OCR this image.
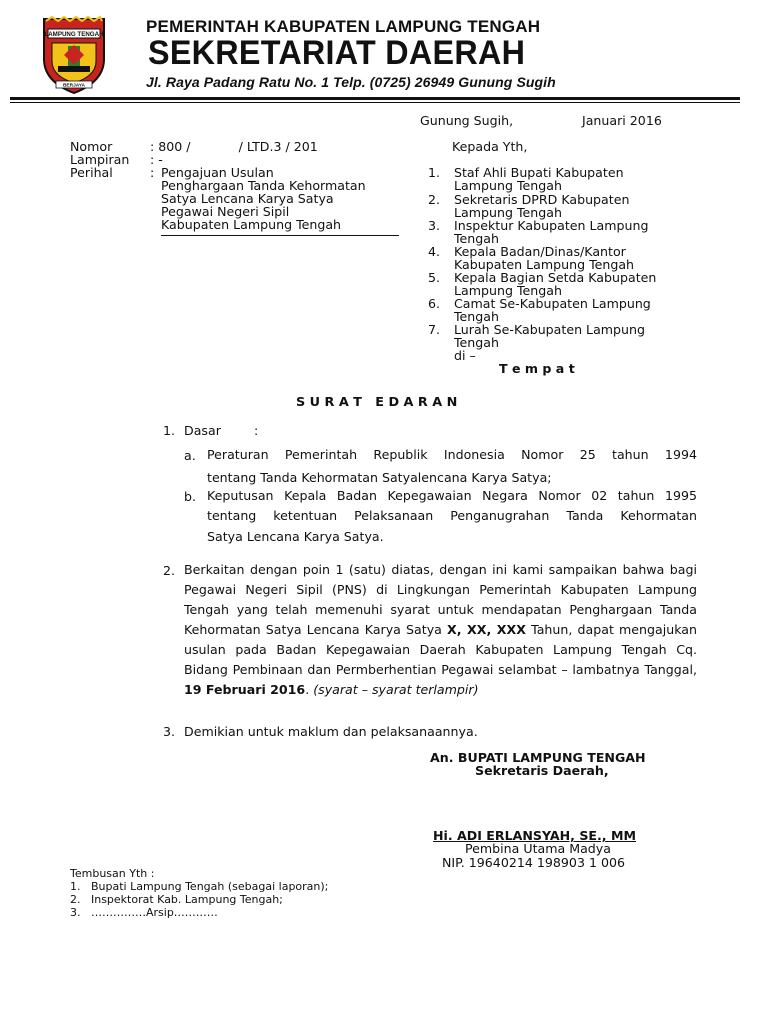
LAMPUNG TENGAH
BERJAYA
PEMERINTAH KABUPATEN LAMPUNG TENGAH
SEKRETARIAT DAERAH
Jl. Raya Padang Ratu No. 1 Telp. (0725) 26949 Gunung Sugih
Gunung Sugih,	Januari 2016
Nomor	: 800 /            / LTD.3 / 201
Lampiran : -
Perihal	: Pengajuan Usulan
Penghargaan Tanda Kehormatan
Satya Lencana Karya Satya
Pegawai Negeri Sipil
Kabupaten Lampung Tengah
Kepada Yth,
1. Staf Ahli Bupati Kabupaten
Lampung Tengah
2. Sekretaris DPRD Kabupaten
Lampung Tengah
3. Inspektur Kabupaten Lampung
Tengah
4. Kepala Badan/Dinas/Kantor
Kabupaten Lampung Tengah
5. Kepala Bagian Setda Kabupaten
Lampung Tengah
6. Camat Se-Kabupaten Lampung
Tengah
7. Lurah Se-Kabupaten Lampung
Tengah
di –
T e m p a t
S U R A T   E D A R A N
1. Dasar	:
a. Peraturan Pemerintah Republik Indonesia Nomor 25 tahun 1994
tentang Tanda Kehormatan Satyalencana Karya Satya;
b. Keputusan Kepala Badan Kepegawaian Negara Nomor 02 tahun 1995
tentang ketentuan Pelaksanaan Penganugrahan Tanda Kehormatan
Satya Lencana Karya Satya.
2. Berkaitan dengan poin 1 (satu) diatas, dengan ini kami sampaikan bahwa bagi Pegawai Negeri Sipil (PNS) di Lingkungan Pemerintah Kabupaten Lampung Tengah yang telah memenuhi syarat untuk mendapatan Penghargaan Tanda Kehormatan Satya Lencana Karya Satya X, XX, XXX Tahun, dapat mengajukan usulan pada Badan Kepegawaian Daerah Kabupaten Lampung Tengah Cq. Bidang Pembinaan dan Permberhentian Pegawai selambat – lambatnya Tanggal, 19 Februari 2016. (syarat – syarat terlampir)
3. Demikian untuk maklum dan pelaksanaannya.
An. BUPATI LAMPUNG TENGAH
Sekretaris Daerah,
Hi. ADI ERLANSYAH, SE., MM
Pembina Utama Madya
NIP. 19640214 198903 1 006
Tembusan Yth :
1.   Bupati Lampung Tengah (sebagai laporan);
2.   Inspektorat Kab. Lampung Tengah;
3.   ……………Arsip…………
